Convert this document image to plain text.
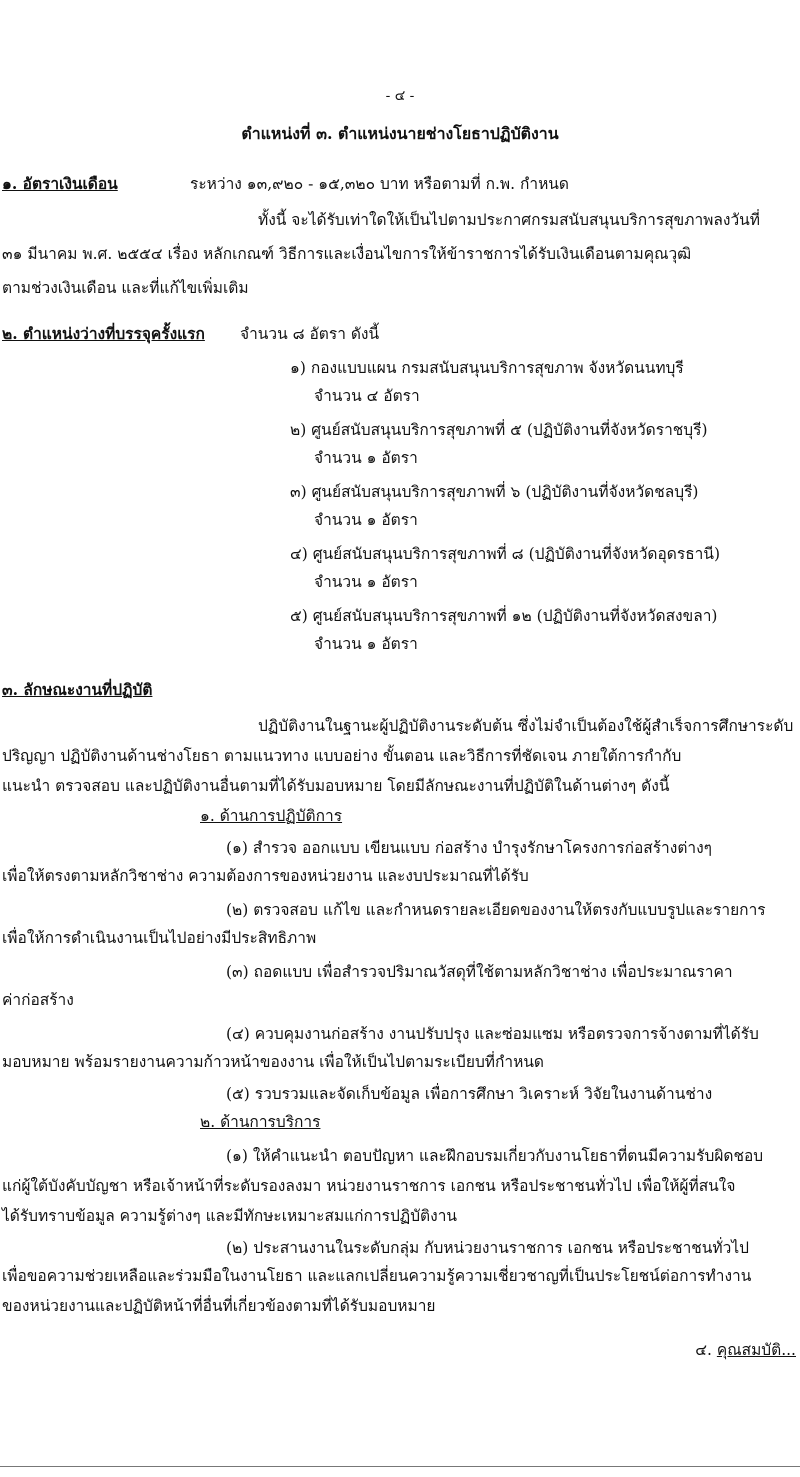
- ๔ -
ตำแหน่งที่ ๓. ตำแหน่งนายช่างโยธาปฏิบัติงาน
๑. อัตราเงินเดือน	ระหว่าง ๑๓,๙๒๐ - ๑๕,๓๒๐ บาท หรือตามที่ ก.พ. กำหนด
ทั้งนี้ จะได้รับเท่าใดให้เป็นไปตามประกาศกรมสนับสนุนบริการสุขภาพลงวันที่
๓๑ มีนาคม พ.ศ. ๒๕๕๔ เรื่อง หลักเกณฑ์ วิธีการและเงื่อนไขการให้ข้าราชการได้รับเงินเดือนตามคุณวุฒิ
ตามช่วงเงินเดือน และที่แก้ไขเพิ่มเติม
๒. ตำแหน่งว่างที่บรรจุครั้งแรก จำนวน ๘ อัตรา ดังนี้
๑) กองแบบแผน กรมสนับสนุนบริการสุขภาพ จังหวัดนนทบุรี
จำนวน ๔ อัตรา
๒) ศูนย์สนับสนุนบริการสุขภาพที่ ๕ (ปฏิบัติงานที่จังหวัดราชบุรี)
จำนวน ๑ อัตรา
๓) ศูนย์สนับสนุนบริการสุขภาพที่ ๖ (ปฏิบัติงานที่จังหวัดชลบุรี)
จำนวน ๑ อัตรา
๔) ศูนย์สนับสนุนบริการสุขภาพที่ ๘ (ปฏิบัติงานที่จังหวัดอุดรธานี)
จำนวน ๑ อัตรา
๕) ศูนย์สนับสนุนบริการสุขภาพที่ ๑๒ (ปฏิบัติงานที่จังหวัดสงขลา)
จำนวน ๑ อัตรา
๓. ลักษณะงานที่ปฏิบัติ
ปฏิบัติงานในฐานะผู้ปฏิบัติงานระดับต้น ซึ่งไม่จำเป็นต้องใช้ผู้สำเร็จการศึกษาระดับ
ปริญญา ปฏิบัติงานด้านช่างโยธา ตามแนวทาง แบบอย่าง ขั้นตอน และวิธีการที่ชัดเจน ภายใต้การกำกับ
แนะนำ ตรวจสอบ และปฏิบัติงานอื่นตามที่ได้รับมอบหมาย โดยมีลักษณะงานที่ปฏิบัติในด้านต่างๆ ดังนี้
๑. ด้านการปฏิบัติการ
(๑) สำรวจ ออกแบบ เขียนแบบ ก่อสร้าง บำรุงรักษาโครงการก่อสร้างต่างๆ
เพื่อให้ตรงตามหลักวิชาช่าง ความต้องการของหน่วยงาน และงบประมาณที่ได้รับ
(๒) ตรวจสอบ แก้ไข และกำหนดรายละเอียดของงานให้ตรงกับแบบรูปและรายการ
เพื่อให้การดำเนินงานเป็นไปอย่างมีประสิทธิภาพ
(๓) ถอดแบบ เพื่อสำรวจปริมาณวัสดุที่ใช้ตามหลักวิชาช่าง เพื่อประมาณราคา
ค่าก่อสร้าง
(๔) ควบคุมงานก่อสร้าง งานปรับปรุง และซ่อมแซม หรือตรวจการจ้างตามที่ได้รับ
มอบหมาย พร้อมรายงานความก้าวหน้าของงาน เพื่อให้เป็นไปตามระเบียบที่กำหนด
(๕) รวบรวมและจัดเก็บข้อมูล เพื่อการศึกษา วิเคราะห์ วิจัยในงานด้านช่าง
๒. ด้านการบริการ
(๑) ให้คำแนะนำ ตอบปัญหา และฝึกอบรมเกี่ยวกับงานโยธาที่ตนมีความรับผิดชอบ
แก่ผู้ใต้บังคับบัญชา หรือเจ้าหน้าที่ระดับรองลงมา หน่วยงานราชการ เอกชน หรือประชาชนทั่วไป เพื่อให้ผู้ที่สนใจ
ได้รับทราบข้อมูล ความรู้ต่างๆ และมีทักษะเหมาะสมแก่การปฏิบัติงาน
(๒) ประสานงานในระดับกลุ่ม กับหน่วยงานราชการ เอกชน หรือประชาชนทั่วไป
เพื่อขอความช่วยเหลือและร่วมมือในงานโยธา และแลกเปลี่ยนความรู้ความเชี่ยวชาญที่เป็นประโยชน์ต่อการทำงาน
ของหน่วยงานและปฏิบัติหน้าที่อื่นที่เกี่ยวข้องตามที่ได้รับมอบหมาย
๔. คุณสมบัติ...
